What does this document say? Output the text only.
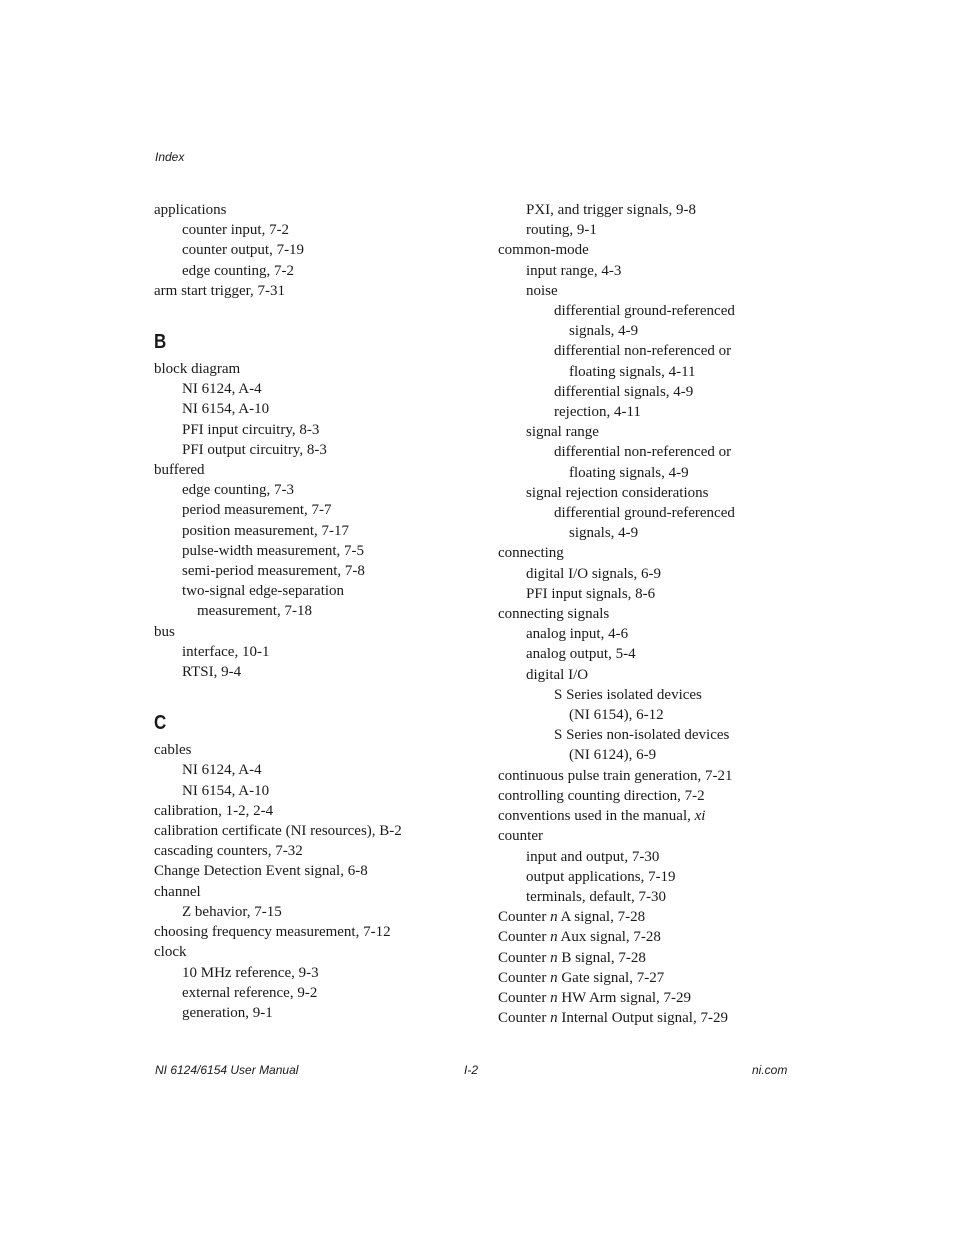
Index
applications
counter input, 7-2
counter output, 7-19
edge counting, 7-2
arm start trigger, 7-31
B
block diagram
NI 6124, A-4
NI 6154, A-10
PFI input circuitry, 8-3
PFI output circuitry, 8-3
buffered
edge counting, 7-3
period measurement, 7-7
position measurement, 7-17
pulse-width measurement, 7-5
semi-period measurement, 7-8
two-signal edge-separation
measurement, 7-18
bus
interface, 10-1
RTSI, 9-4
C
cables
NI 6124, A-4
NI 6154, A-10
calibration, 1-2, 2-4
calibration certificate (NI resources), B-2
cascading counters, 7-32
Change Detection Event signal, 6-8
channel
Z behavior, 7-15
choosing frequency measurement, 7-12
clock
10 MHz reference, 9-3
external reference, 9-2
generation, 9-1
PXI, and trigger signals, 9-8
routing, 9-1
common-mode
input range, 4-3
noise
differential ground-referenced
signals, 4-9
differential non-referenced or
floating signals, 4-11
differential signals, 4-9
rejection, 4-11
signal range
differential non-referenced or
floating signals, 4-9
signal rejection considerations
differential ground-referenced
signals, 4-9
connecting
digital I/O signals, 6-9
PFI input signals, 8-6
connecting signals
analog input, 4-6
analog output, 5-4
digital I/O
S Series isolated devices
(NI 6154), 6-12
S Series non-isolated devices
(NI 6124), 6-9
continuous pulse train generation, 7-21
controlling counting direction, 7-2
conventions used in the manual, xi
counter
input and output, 7-30
output applications, 7-19
terminals, default, 7-30
Counter n A signal, 7-28
Counter n Aux signal, 7-28
Counter n B signal, 7-28
Counter n Gate signal, 7-27
Counter n HW Arm signal, 7-29
Counter n Internal Output signal, 7-29
NI 6124/6154 User Manual	I-2	ni.com
